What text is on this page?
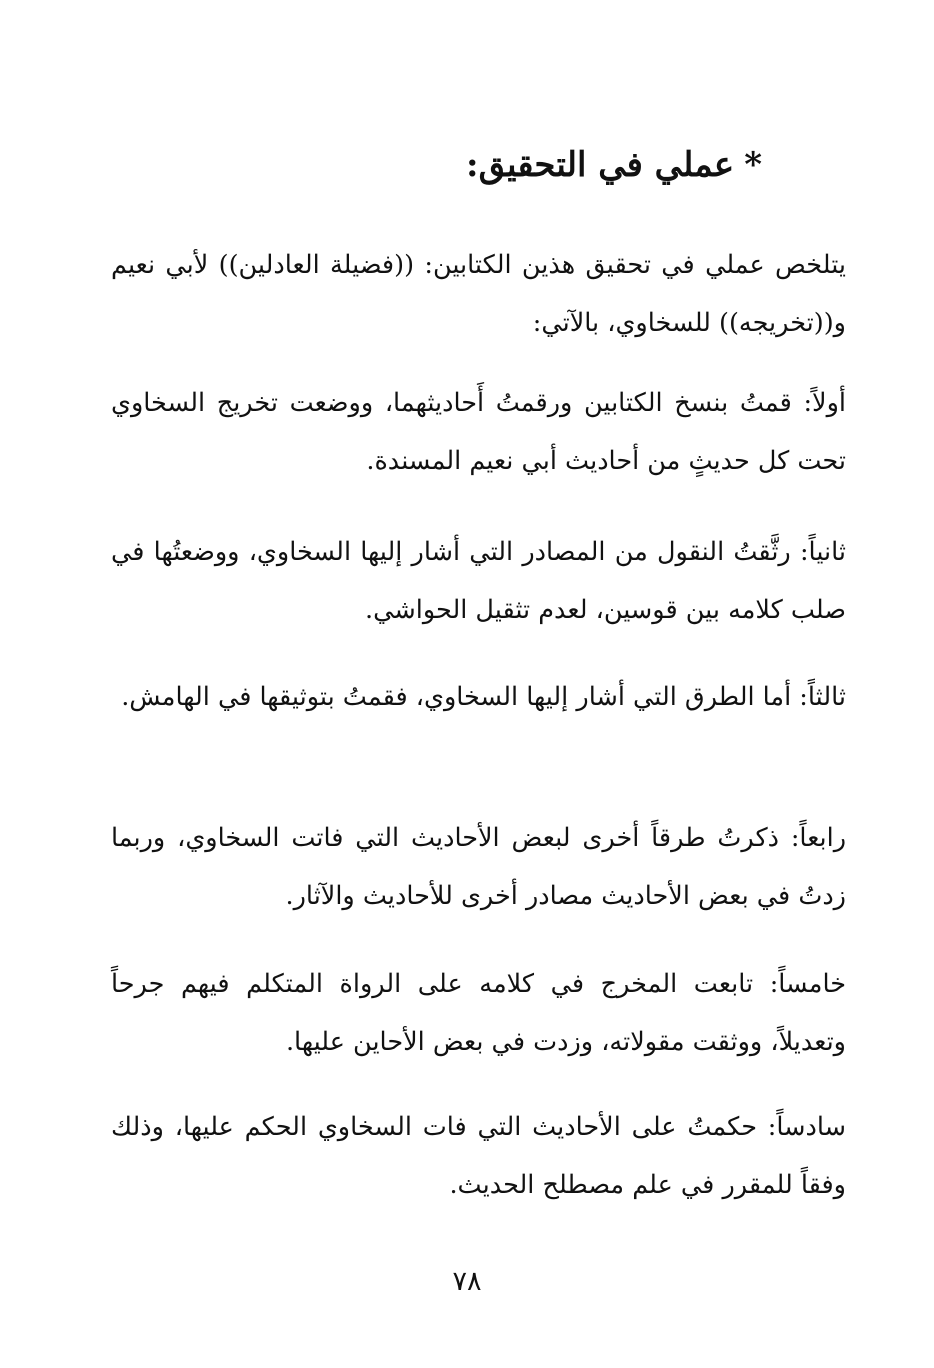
*عملي في التحقيق:

يتلخص عملي في تحقيق هذين الكتابين: ((فضيلة العادلين)) لأبي نعيم و((تخريجه)) للسخاوي، بالآتي:

أولاً: قمتُ بنسخ الكتابين ورقمتُ أَحاديثهما، ووضعت تخريج السخاوي تحت كل حديثٍ من أحاديث أبي نعيم المسندة.

ثانياً: رثَّقتُ النقول من المصادر التي أشار إليها السخاوي، ووضعتُها في صلب كلامه بين قوسين، لعدم تثقيل الحواشي.

ثالثاً: أما الطرق التي أشار إليها السخاوي، فقمتُ بتوثيقها في الهامش.

رابعاً: ذكرتُ طرقاً أخرى لبعض الأحاديث التي فاتت السخاوي، وربما زدتُ في بعض الأحاديث مصادر أخرى للأحاديث والآثار.

خامساً: تابعت المخرج في كلامه على الرواة المتكلم فيهم جرحاً وتعديلاً، ووثقت مقولاته، وزدت في بعض الأحاين عليها.

سادساً: حكمتُ على الأحاديث التي فات السخاوي الحكم عليها، وذلك وفقاً للمقرر في علم مصطلح الحديث.

٧٨
